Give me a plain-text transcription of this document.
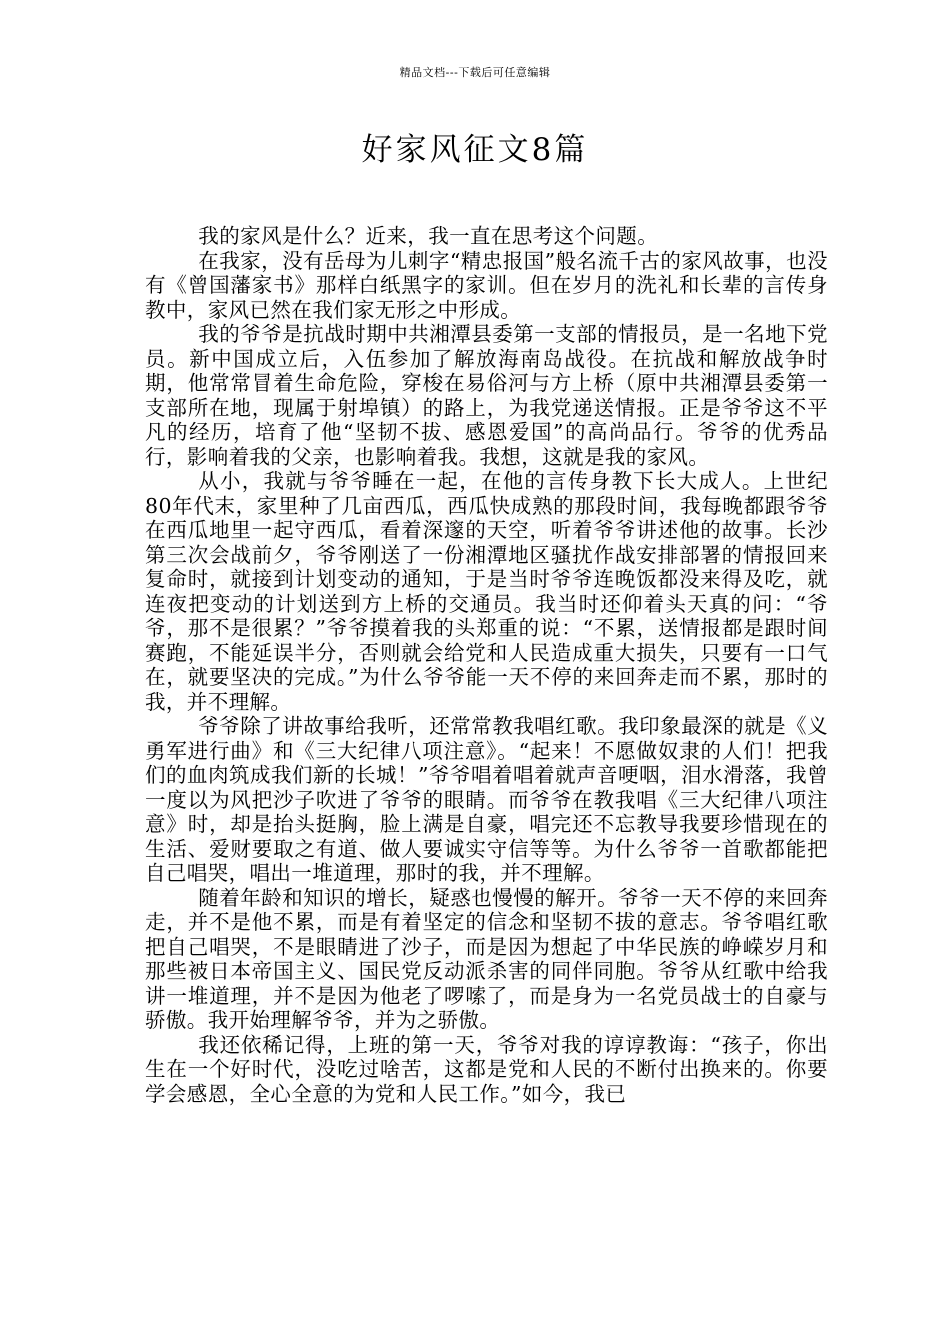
精品文档---下载后可任意编辑
好家风征文8篇

我的家风是什么？近来，我一直在思考这个问题。

在我家，没有岳母为儿刺字“精忠报国”般名流千古的家风故事，也没有《曾国藩家书》那样白纸黑字的家训。但在岁月的洗礼和长辈的言传身教中，家风已然在我们家无形之中形成。

我的爷爷是抗战时期中共湘潭县委第一支部的情报员，是一名地下党员。新中国成立后，入伍参加了解放海南岛战役。在抗战和解放战争时期，他常常冒着生命危险，穿梭在易俗河与方上桥（原中共湘潭县委第一支部所在地，现属于射埠镇）的路上，为我党递送情报。正是爷爷这不平凡的经历，培育了他“坚韧不拔、感恩爱国”的高尚品行。爷爷的优秀品行，影响着我的父亲，也影响着我。我想，这就是我的家风。

从小，我就与爷爷睡在一起，在他的言传身教下长大成人。上世纪80年代末，家里种了几亩西瓜，西瓜快成熟的那段时间，我每晚都跟爷爷在西瓜地里一起守西瓜，看着深邃的天空，听着爷爷讲述他的故事。长沙第三次会战前夕，爷爷刚送了一份湘潭地区骚扰作战安排部署的情报回来复命时，就接到计划变动的通知，于是当时爷爷连晚饭都没来得及吃，就连夜把变动的计划送到方上桥的交通员。我当时还仰着头天真的问：“爷爷，那不是很累？”爷爷摸着我的头郑重的说：“不累，送情报都是跟时间赛跑，不能延误半分，否则就会给党和人民造成重大损失，只要有一口气在，就要坚决的完成。”为什么爷爷能一天不停的来回奔走而不累，那时的我，并不理解。

爷爷除了讲故事给我听，还常常教我唱红歌。我印象最深的就是《义勇军进行曲》和《三大纪律八项注意》。“起来！不愿做奴隶的人们！把我们的血肉筑成我们新的长城！”爷爷唱着唱着就声音哽咽，泪水滑落，我曾一度以为风把沙子吹进了爷爷的眼睛。而爷爷在教我唱《三大纪律八项注意》时，却是抬头挺胸，脸上满是自豪，唱完还不忘教导我要珍惜现在的生活、爱财要取之有道、做人要诚实守信等等。为什么爷爷一首歌都能把自己唱哭，唱出一堆道理，那时的我，并不理解。

随着年龄和知识的增长，疑惑也慢慢的解开。爷爷一天不停的来回奔走，并不是他不累，而是有着坚定的信念和坚韧不拔的意志。爷爷唱红歌把自己唱哭，不是眼睛进了沙子，而是因为想起了中华民族的峥嵘岁月和那些被日本帝国主义、国民党反动派杀害的同伴同胞。爷爷从红歌中给我讲一堆道理，并不是因为他老了啰嗦了，而是身为一名党员战士的自豪与骄傲。我开始理解爷爷，并为之骄傲。

我还依稀记得，上班的第一天，爷爷对我的谆谆教诲：“孩子，你出生在一个好时代，没吃过啥苦，这都是党和人民的不断付出换来的。你要学会感恩，全心全意的为党和人民工作。”如今，我已
